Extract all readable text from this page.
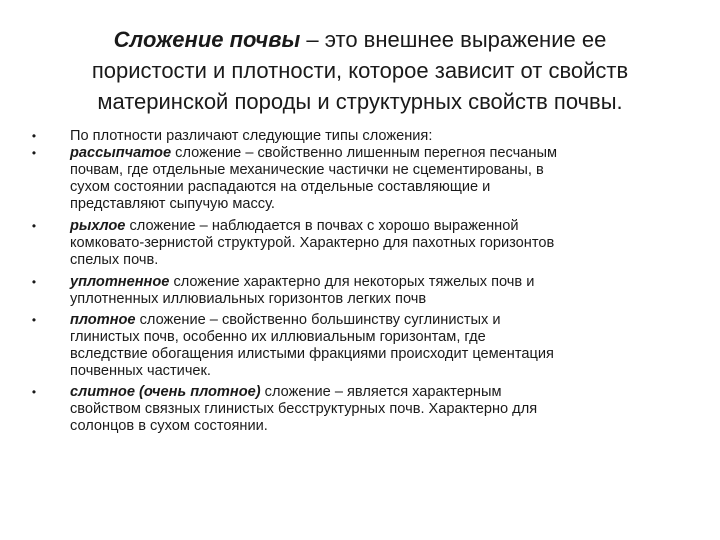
Сложение почвы – это внешнее выражение ее
пористости и плотности, которое зависит от свойств
материнской породы и структурных свойств почвы.
• По плотности различают следующие типы сложения:
• рассыпчатое сложение – свойственно лишенным перегноя песчаным
почвам, где отдельные механические частички не сцементированы, в
сухом состоянии распадаются на отдельные составляющие и
представляют сыпучую массу.
• рыхлое сложение – наблюдается в почвах с хорошо выраженной
комковато-зернистой структурой. Характерно для пахотных горизонтов
спелых почв.
• уплотненное сложение характерно для некоторых тяжелых почв и
уплотненных иллювиальных горизонтов легких почв
• плотное сложение – свойственно большинству суглинистых и
глинистых почв, особенно их иллювиальным горизонтам, где
вследствие обогащения илистыми фракциями происходит цементация
почвенных частичек.
• слитное (очень плотное) сложение – является характерным
свойством связных глинистых бесструктурных почв. Характерно для
солонцов в сухом состоянии.
